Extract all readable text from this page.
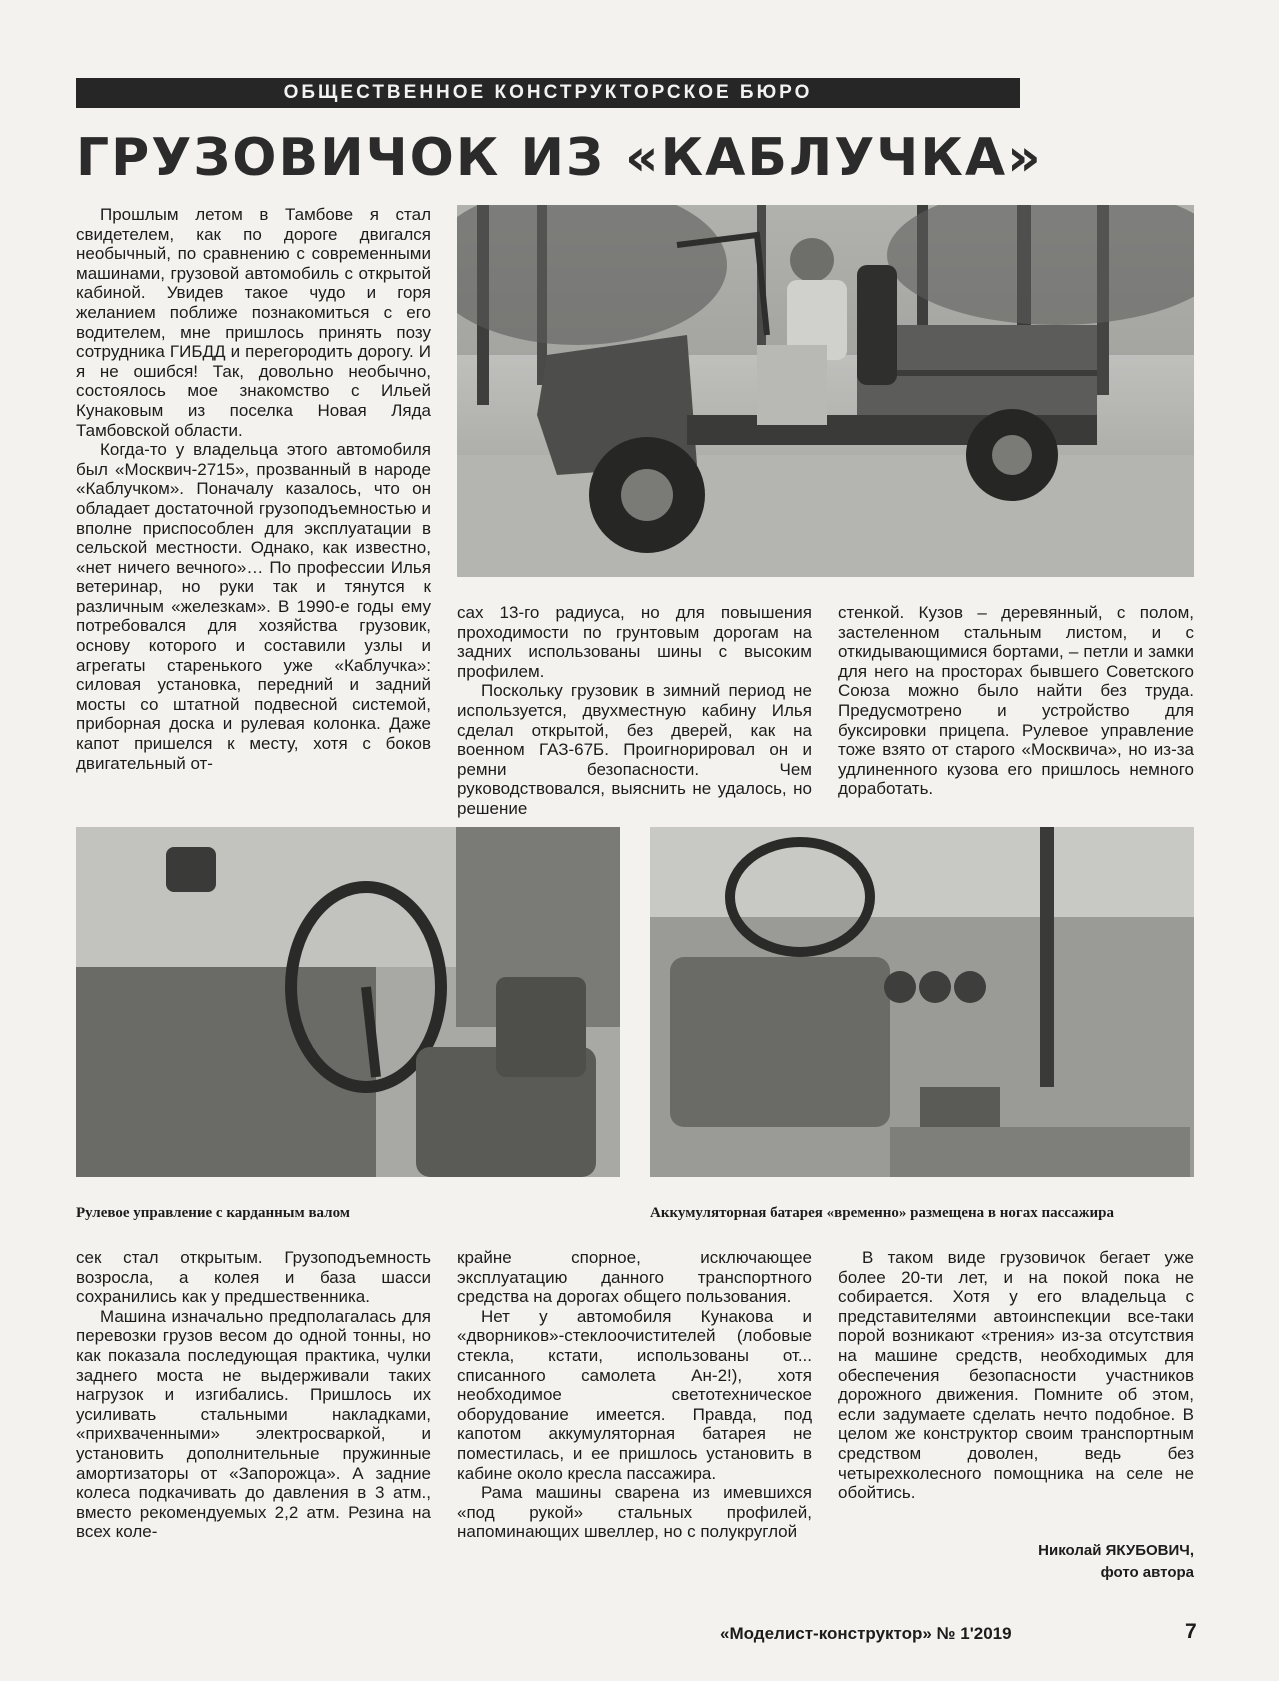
ОБЩЕСТВЕННОЕ КОНСТРУКТОРСКОЕ БЮРО
ГРУЗОВИЧОК ИЗ «КАБЛУЧКА»

Прошлым летом в Тамбове я стал свидетелем, как по дороге двигался необычный, по сравнению с современными машинами, грузовой автомобиль с открытой кабиной. Увидев такое чудо и горя желанием поближе познакомиться с его водителем, мне пришлось принять позу сотрудника ГИБДД и перегородить дорогу. И я не ошибся! Так, довольно необычно, состоялось мое знакомство с Ильей Кунаковым из поселка Новая Ляда Тамбовской области.

Когда-то у владельца этого автомобиля был «Москвич-2715», прозванный в народе «Каблучком». Поначалу казалось, что он обладает достаточной грузоподъемностью и вполне приспособлен для эксплуатации в сельской местности. Однако, как известно, «нет ничего вечного»… По профессии Илья ветеринар, но руки так и тянутся к различным «железкам». В 1990-е годы ему потребовался для хозяйства грузовик, основу которого и составили узлы и агрегаты старенького уже «Каблучка»: силовая установка, передний и задний мосты со штатной подвесной системой, приборная доска и рулевая колонка. Даже капот пришелся к месту, хотя с боков двигательный от-

сах 13-го радиуса, но для повышения проходимости по грунтовым дорогам на задних использованы шины с высоким профилем.

Поскольку грузовик в зимний период не используется, двухместную кабину Илья сделал открытой, без дверей, как на военном ГАЗ-67Б. Проигнорировал он и ремни безопасности. Чем руководствовался, выяснить не удалось, но решение

стенкой. Кузов – деревянный, с полом, застеленном стальным листом, и с откидывающимися бортами, – петли и замки для него на просторах бывшего Советского Союза можно было найти без труда. Предусмотрено и устройство для буксировки прицепа. Рулевое управление тоже взято от старого «Москвича», но из-за удлиненного кузова его пришлось немного доработать.

Рулевое управление с карданным валом	Аккумуляторная батарея «временно» размещена в ногах пассажира

сек стал открытым. Грузоподъемность возросла, а колея и база шасси сохранились как у предшественника.

Машина изначально предполагалась для перевозки грузов весом до одной тонны, но как показала последующая практика, чулки заднего моста не выдерживали таких нагрузок и изгибались. Пришлось их усиливать стальными накладками, «прихваченными» электросваркой, и установить дополнительные пружинные амортизаторы от «Запорожца». А задние колеса подкачивать до давления в 3 атм., вместо рекомендуемых 2,2 атм. Резина на всех коле-

крайне спорное, исключающее эксплуатацию данного транспортного средства на дорогах общего пользования.

Нет у автомобиля Кунакова и «дворников»-стеклоочистителей (лобовые стекла, кстати, использованы от... списанного самолета Ан-2!), хотя необходимое светотехническое оборудование имеется. Правда, под капотом аккумуляторная батарея не поместилась, и ее пришлось установить в кабине около кресла пассажира.

Рама машины сварена из имевшихся «под рукой» стальных профилей, напоминающих швеллер, но с полукруглой

В таком виде грузовичок бегает уже более 20-ти лет, и на покой пока не собирается. Хотя у его владельца с представителями автоинспекции все-таки порой возникают «трения» из-за отсутствия на машине средств, необходимых для обеспечения безопасности участников дорожного движения. Помните об этом, если задумаете сделать нечто подобное. В целом же конструктор своим транспортным средством доволен, ведь без четырехколесного помощника на селе не обойтись.

Николай ЯКУБОВИЧ,
фото автора
«Моделист-конструктор» № 1'2019	7
